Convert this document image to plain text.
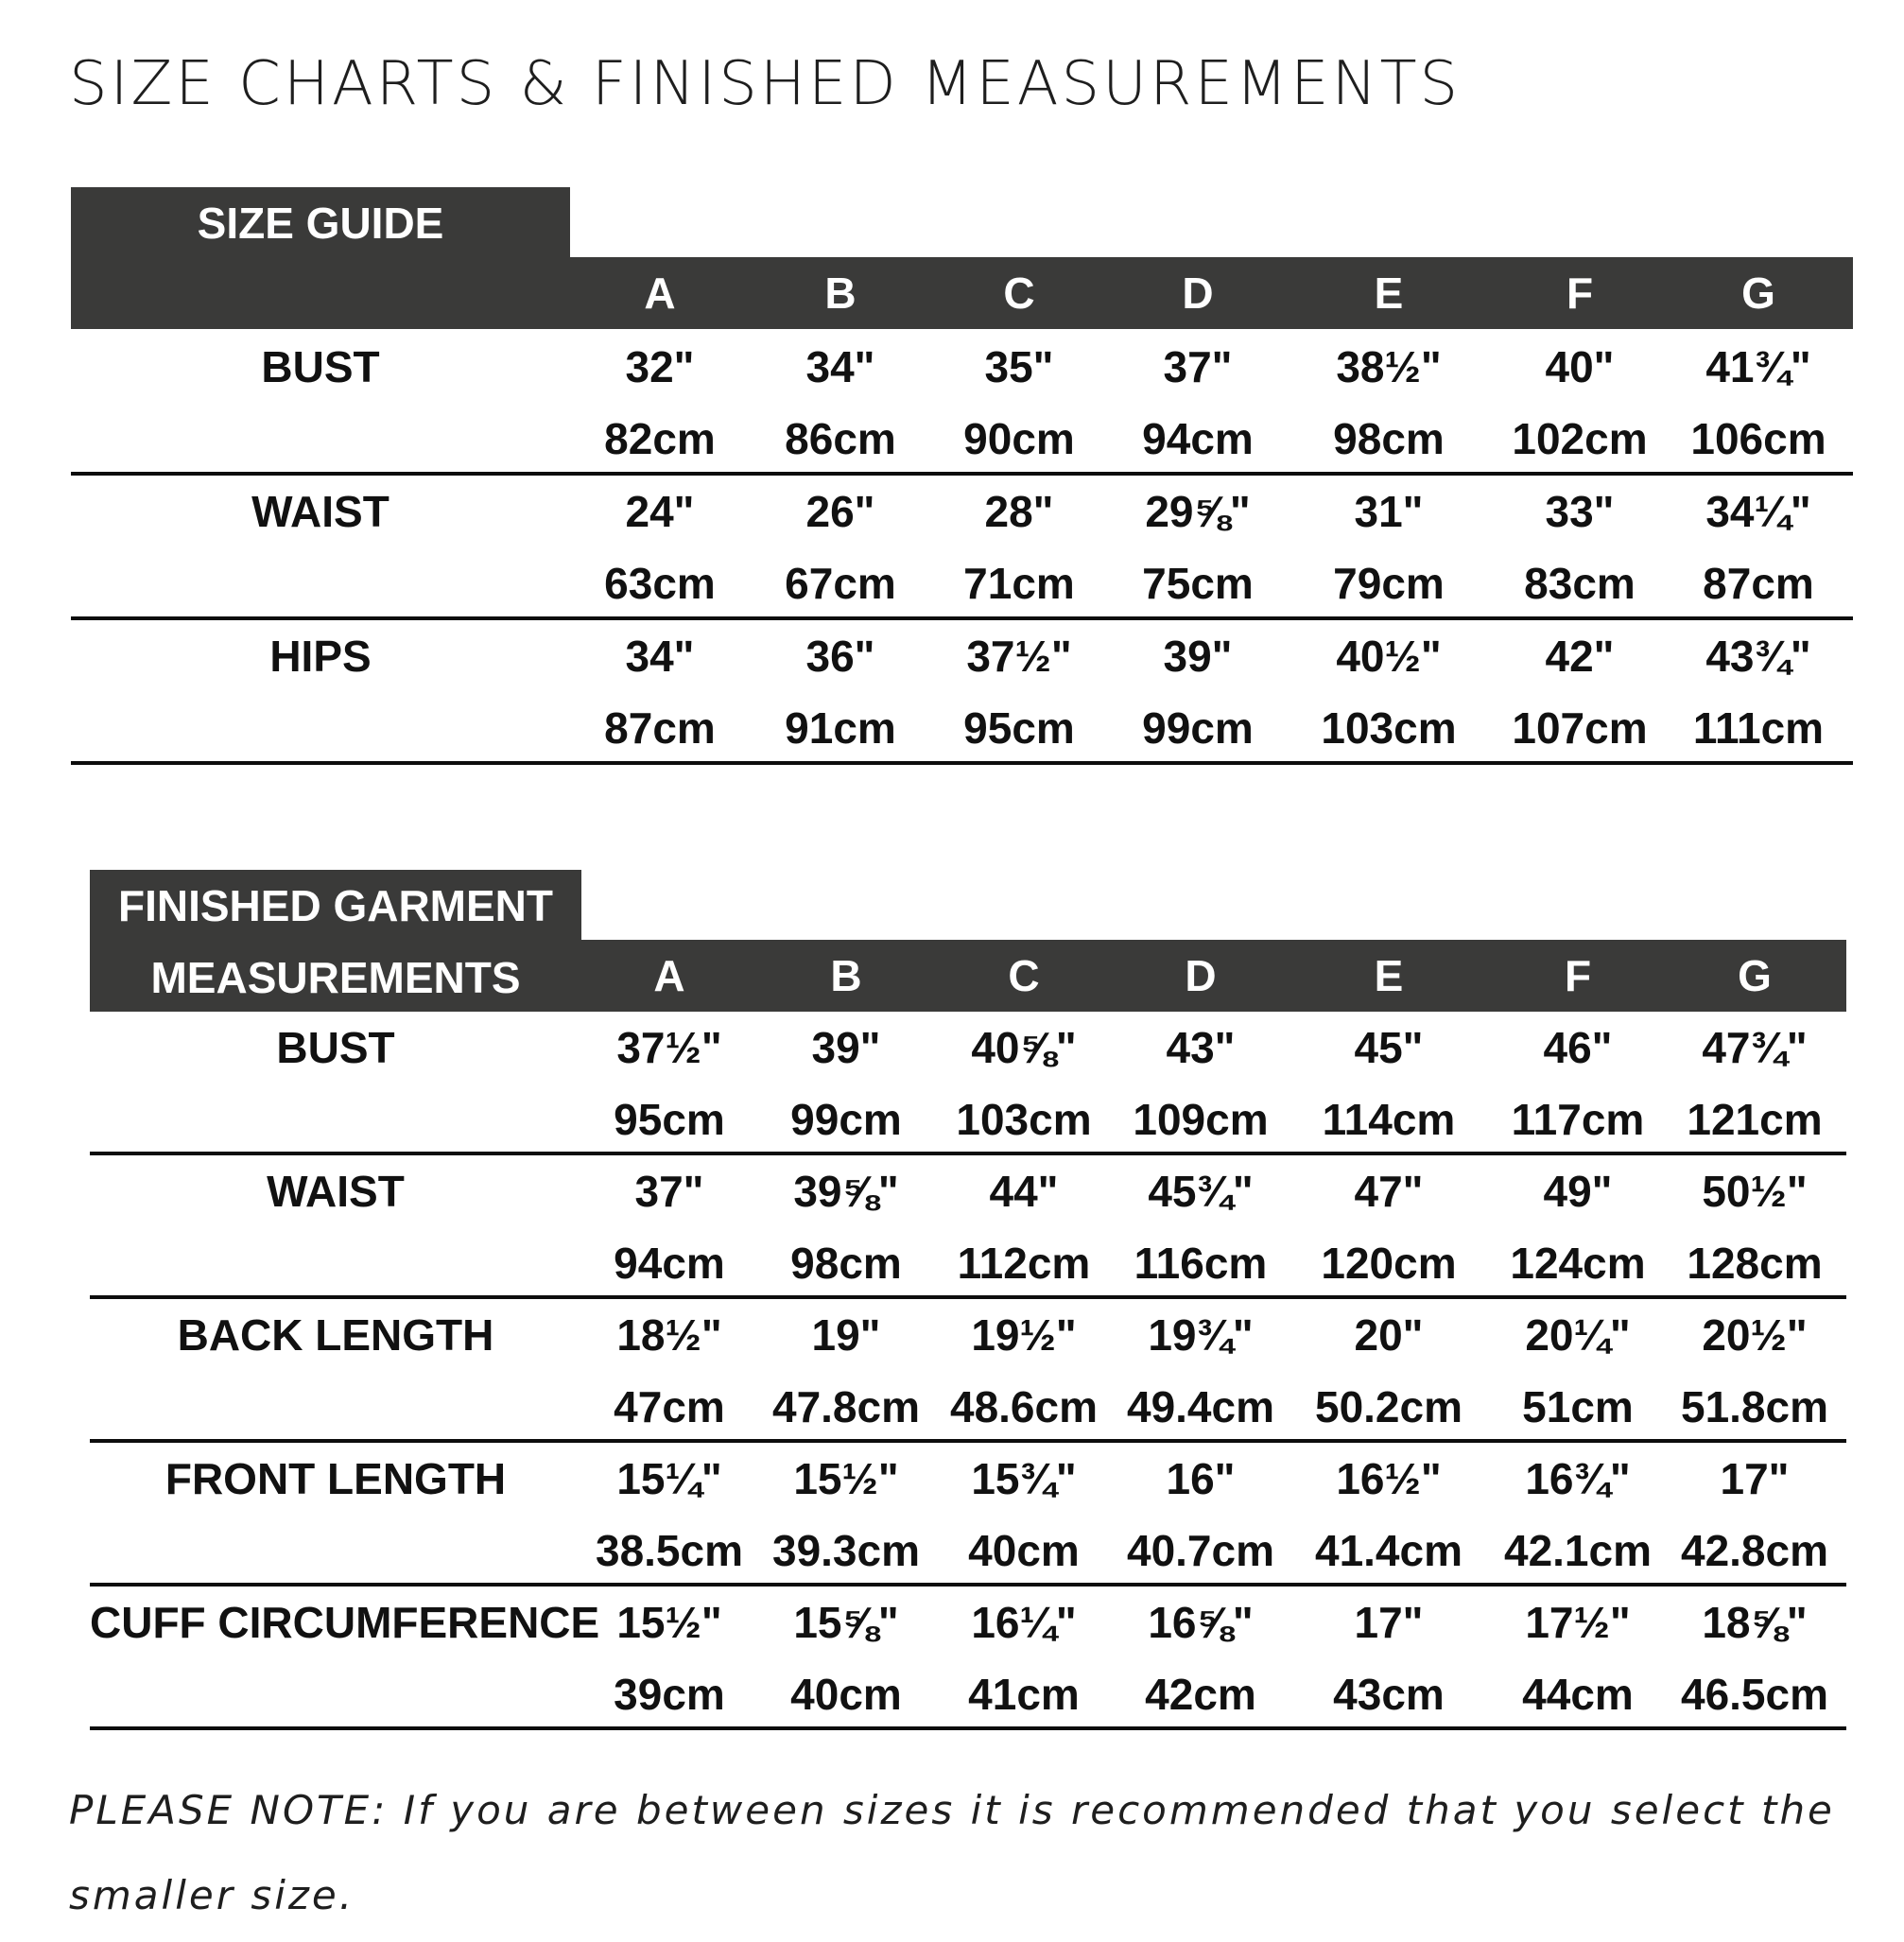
SIZE CHARTS & FINISHED MEASUREMENTS
SIZE GUIDE
A	B	C	D	E	F	G
BUST	32"	34"	35"	37"	38½"	40"	41¾"
82cm	86cm	90cm	94cm	98cm	102cm 106cm
WAIST	24"	26"	28"	29⅝"	31"	33"	34¼"
63cm	67cm	71cm	75cm	79cm	83cm	87cm
HIPS	34"	36"	37½"	39"	40½"	42"	43¾"
87cm	91cm	95cm	99cm	103cm	107cm	111cm
FINISHED GARMENT
MEASUREMENTS	A	B	C	D	E	F	G
BUST	37½"	39"	40⅝"	43"	45"	46"	47¾"
95cm	99cm	103cm 109cm	114cm	117cm 121cm
WAIST	37"	39⅝"	44"	45¾"	47"	49"	50½"
94cm	98cm	112cm	116cm	120cm	124cm 128cm
BACK LENGTH	18½"	19"	19½"	19¾"	20"	20¼"	20½"
47cm	47.8cm 48.6cm 49.4cm 50.2cm	51cm	51.8cm
FRONT LENGTH	15¼"	15½"	15¾"	16"	16½"	16¾"	17"
38.5cm 39.3cm	40cm	40.7cm 41.4cm 42.1cm 42.8cm
CUFF CIRCUMFERENCE 15½"	15⅝"	16¼"	16⅝"	17"	17½"	18⅝"
39cm	40cm	41cm	42cm	43cm	44cm	46.5cm

PLEASE NOTE: If you are between sizes it is recommended that you select the smaller size.
